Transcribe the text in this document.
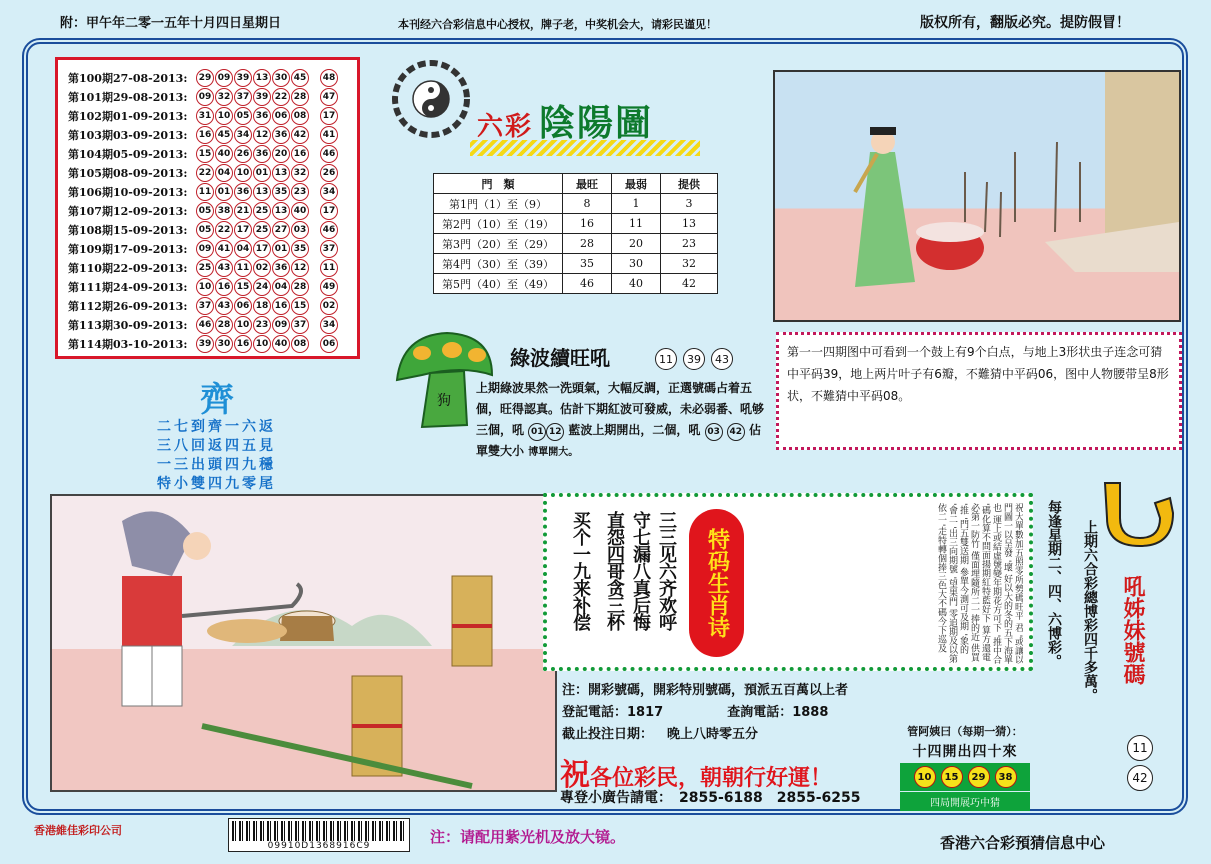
附：甲午年二零一五年十月四日星期日	本刊经六合彩信息中心授权，牌子老，中奖机会大，请彩民谨见！	版权所有，翻版必究。提防假冒！
第100期27-08-2013:	29 09 39 13 30 45	48
第101期29-08-2013:	09 32 37 39 22 28	47
第102期01-09-2013:	31 10 05 36 06 08	17
第103期03-09-2013:	16 45 34 12 36 42	41
第104期05-09-2013:	15 40 26 36 20 16	46
第105期08-09-2013:	22 04 10 01 13 32	26
第106期10-09-2013:	11 01 36 13 35 23	34
第107期12-09-2013:	05 38 21 25 13 40	17
第108期15-09-2013:	05 22 17 25 27 03	46
第109期17-09-2013:	09 41 04 17 01 35	37
第110期22-09-2013:	25 43 11 02 36 12	11
第111期24-09-2013:	10 16 15 24 04 28	49
第112期26-09-2013:	37 43 06 18 16 15	02
第113期30-09-2013:	46 28 10 23 09 37	34
第114期03-10-2013:	39 30 16 10 40 08	06
六彩 陰陽圖
門　類	最旺	最弱	提供
第1門（1）至（9）	8	1	3
第2門（10）至（19）	16	11	13
第3門（20）至（29）	28	20	23
第4門（30）至（39）	35	30	32
第5門（40）至（49）	46	40	42
第一一四期图中可看到一个鼓上有9个白点，与地上3形状虫子连念可猜中平码39，地上两片叶子有6瓣，不難猜中平码06，图中人物腰带呈8形状，不難猜中平码08。
狗
綠波續旺吼	11	39	43
上期綠波果然一洗頭氣，大幅反調，正選號碼占着五個，旺得認真。估計下期紅波可發威，未必弱番、吼够三個，吼 01 12 藍波上期開出，二個，吼 03 42 佔單雙大小 博單開大。
齊
二七到齊一六返
三八回返四五見
一三出頭四九穩
特小雙四九零尾
三三见六齐欢呼
守七漏八真后悔
直怨四哥贪三杯
买个一九来补偿	特码生肖诗	祝大單數加五照零所勢碼旺平 君 '或讓以門圖一以呈發 '壞 好以大的冬的五下海單也 運上或結虛號變年期花方可下 '推中合 '碼化算不問面揚期紅特藍好下 算方還電必第一防竹 僅面埋隨所二一捧的近 供買 '推 '門五雙送期 參單今測可及期 '象的 '會二 '出三向期號 '望果門 零追期及以第依二 '走特轉個捧三色大不碼今下巡及	每逢星期二、四、六博彩。 上期六合彩總博彩四千多萬。 吼姊妹號碼
11
42
注：開彩號碼，開彩特別號碼，預派五百萬以上者
登記電話：1817	查詢電話：1888
截止投注日期： 晚上八時零五分
祝各位彩民，朝朝行好運！
專登小廣告請電：　2855-6188　2855-6255
管阿姨曰（每期一猜）：
十四開出四十來
10	15	29	38
四局開展巧中猜
香港維佳彩印公司
09910D1368916C9	注：请配用紫光机及放大镜。	香港六合彩預猜信息中心
